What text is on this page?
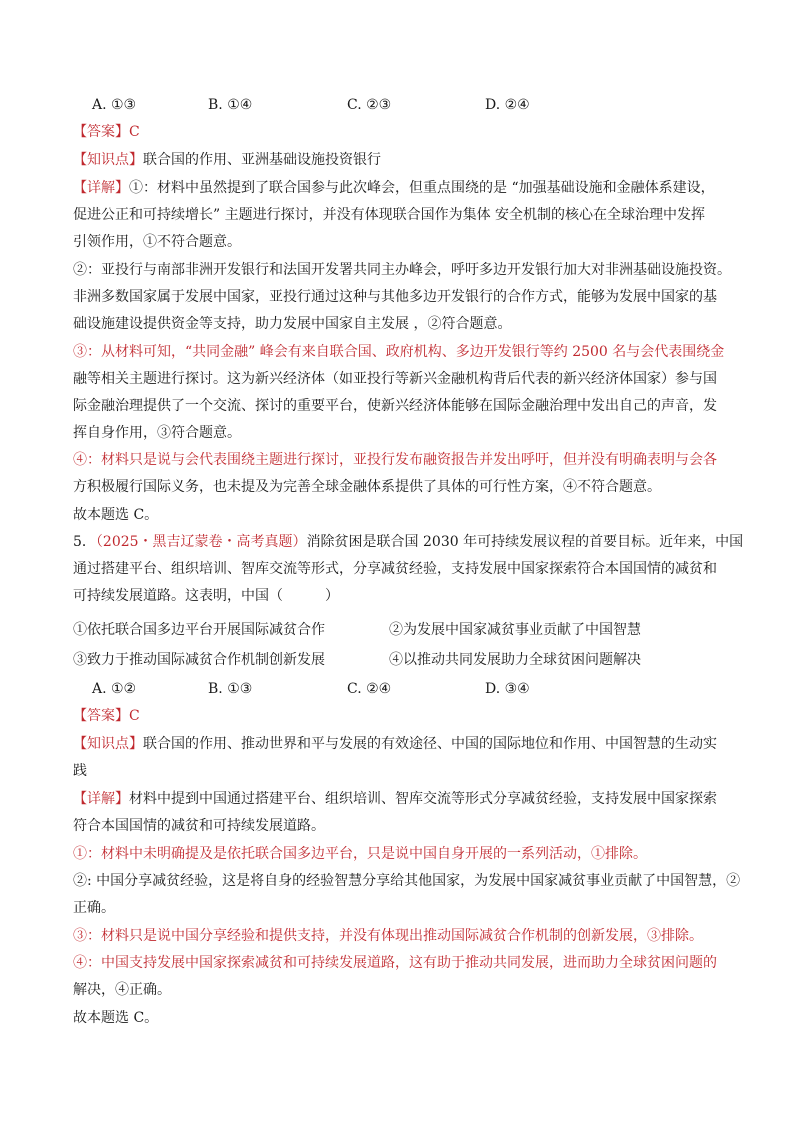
A. ①③	B. ①④	C. ②③	D. ②④
【答案】C
【知识点】联合国的作用、亚洲基础设施投资银行
【详解】①：材料中虽然提到了联合国参与此次峰会，但重点围绕的是 “加强基础设施和金融体系建设，
促进公正和可持续增长” 主题进行探讨，并没有体现联合国作为集体 安全机制的核心在全球治理中发挥
引领作用，①不符合题意。
②：亚投行与南部非洲开发银行和法国开发署共同主办峰会，呼吁多边开发银行加大对非洲基础设施投资。
非洲多数国家属于发展中国家，亚投行通过这种与其他多边开发银行的合作方式，能够为发展中国家的基
础设施建设提供资金等支持，助力发展中国家自主发展 ，②符合题意。
③：从材料可知，“共同金融” 峰会有来自联合国、政府机构、多边开发银行等约 2500 名与会代表围绕金
融等相关主题进行探讨。这为新兴经济体（如亚投行等新兴金融机构背后代表的新兴经济体国家）参与国
际金融治理提供了一个交流、探讨的重要平台，使新兴经济体能够在国际金融治理中发出自己的声音，发
挥自身作用，③符合题意。
④：材料只是说与会代表围绕主题进行探讨，亚投行发布融资报告并发出呼吁，但并没有明确表明与会各
方积极履行国际义务，也未提及为完善全球金融体系提供了具体的可行性方案，④不符合题意。
故本题选 C。
5．（2025・黑吉辽蒙卷・高考真题）消除贫困是联合国 2030 年可持续发展议程的首要目标。近年来，中国
通过搭建平台、组织培训、智库交流等形式，分享减贫经验，支持发展中国家探索符合本国国情的减贫和
可持续发展道路。这表明，中国（　　　）
①依托联合国多边平台开展国际减贫合作	②为发展中国家减贫事业贡献了中国智慧
③致力于推动国际减贫合作机制创新发展	④以推动共同发展助力全球贫困问题解决
A. ①②	B. ①③	C. ②④	D. ③④
【答案】C
【知识点】联合国的作用、推动世界和平与发展的有效途径、中国的国际地位和作用、中国智慧的生动实
践
【详解】材料中提到中国通过搭建平台、组织培训、智库交流等形式分享减贫经验，支持发展中国家探索
符合本国国情的减贫和可持续发展道路。
①：材料中未明确提及是依托联合国多边平台，只是说中国自身开展的一系列活动，①排除。
②: 中国分享减贫经验，这是将自身的经验智慧分享给其他国家，为发展中国家减贫事业贡献了中国智慧，②
正确。
③：材料只是说中国分享经验和提供支持，并没有体现出推动国际减贫合作机制的创新发展，③排除。
④：中国支持发展中国家探索减贫和可持续发展道路，这有助于推动共同发展，进而助力全球贫困问题的
解决，④正确。
故本题选 C。
